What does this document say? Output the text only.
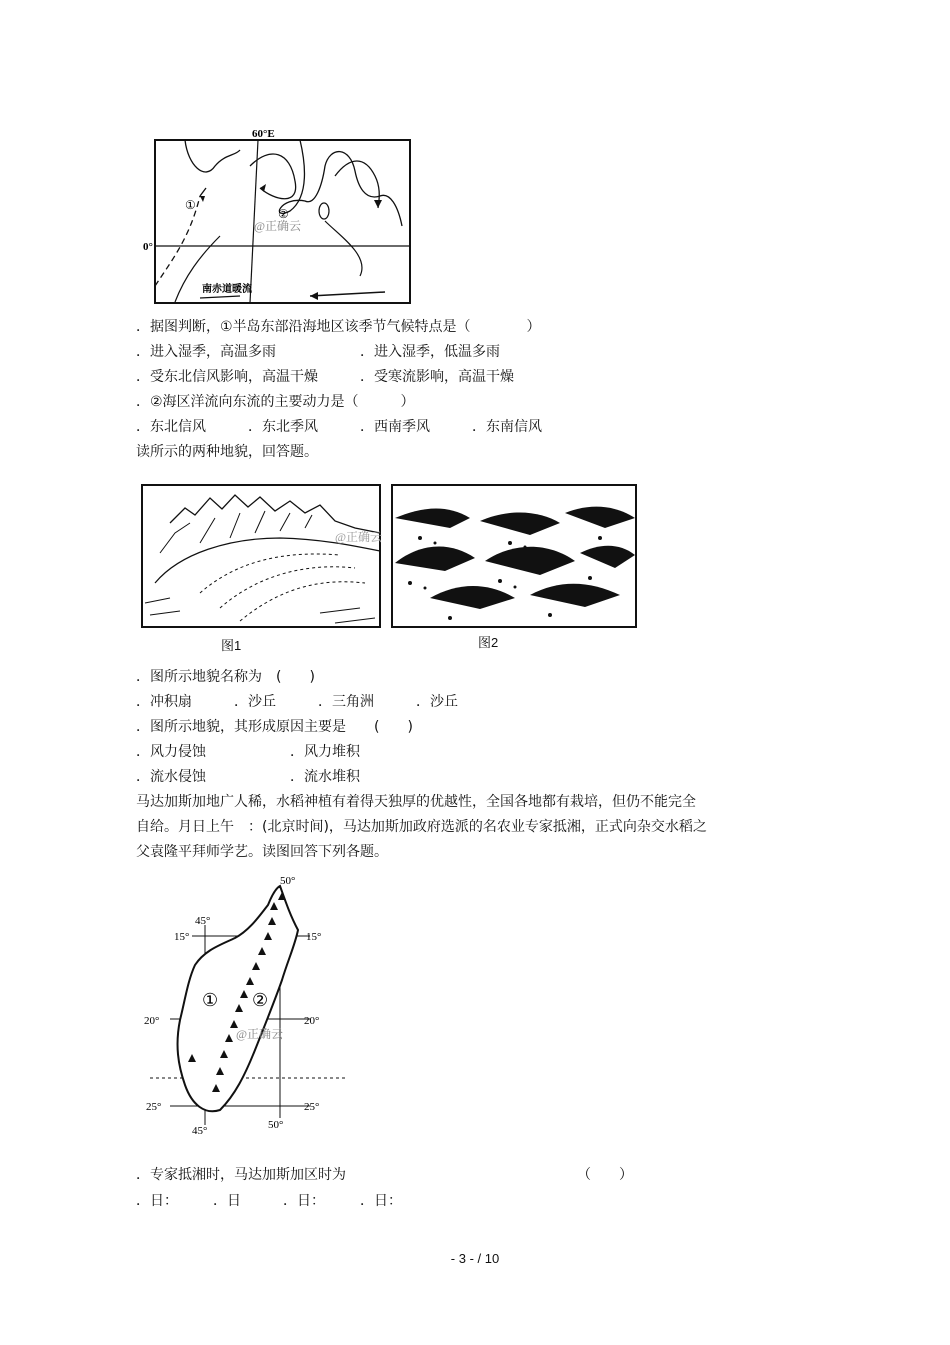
60°E
0°
①
②
@正确云
南赤道暖流

．据图判断，①半岛东部沿海地区该季节气候特点是（　　　　）

．进入湿季，高温多雨　　　　　　．进入湿季，低温多雨

．受东北信风影响，高温干燥　　　．受寒流影响，高温干燥

．②海区洋流向东流的主要动力是（　　　）

．东北信风　　　．东北季风　　　．西南季风　　　．东南信风

读所示的两种地貌，回答题。

@正确云
图1	图2

．图所示地貌名称为　(　　)

．冲积扇　　　．沙丘　　　．三角洲　　　．沙丘

．图所示地貌，其形成原因主要是　　(　　)

．风力侵蚀　　　　　　．风力堆积

．流水侵蚀　　　　　　．流水堆积

马达加斯加地广人稀，水稻神植有着得天独厚的优越性，全国各地都有栽培，但仍不能完全

自给。月日上午　：(北京时间)，马达加斯加政府选派的名农业专家抵湘，正式向杂交水稻之

父袁隆平拜师学艺。读图回答下列各题。

50°
45°
15°	15°
① ②
20°	20°
@正确云
25°	25°
45°	50°

．专家抵湘时，马达加斯加区时为　　　　　　　　　　　　　　　　　（　　）

．日：　　　．日　　　．日：　　　．日：

- 3 - / 10
